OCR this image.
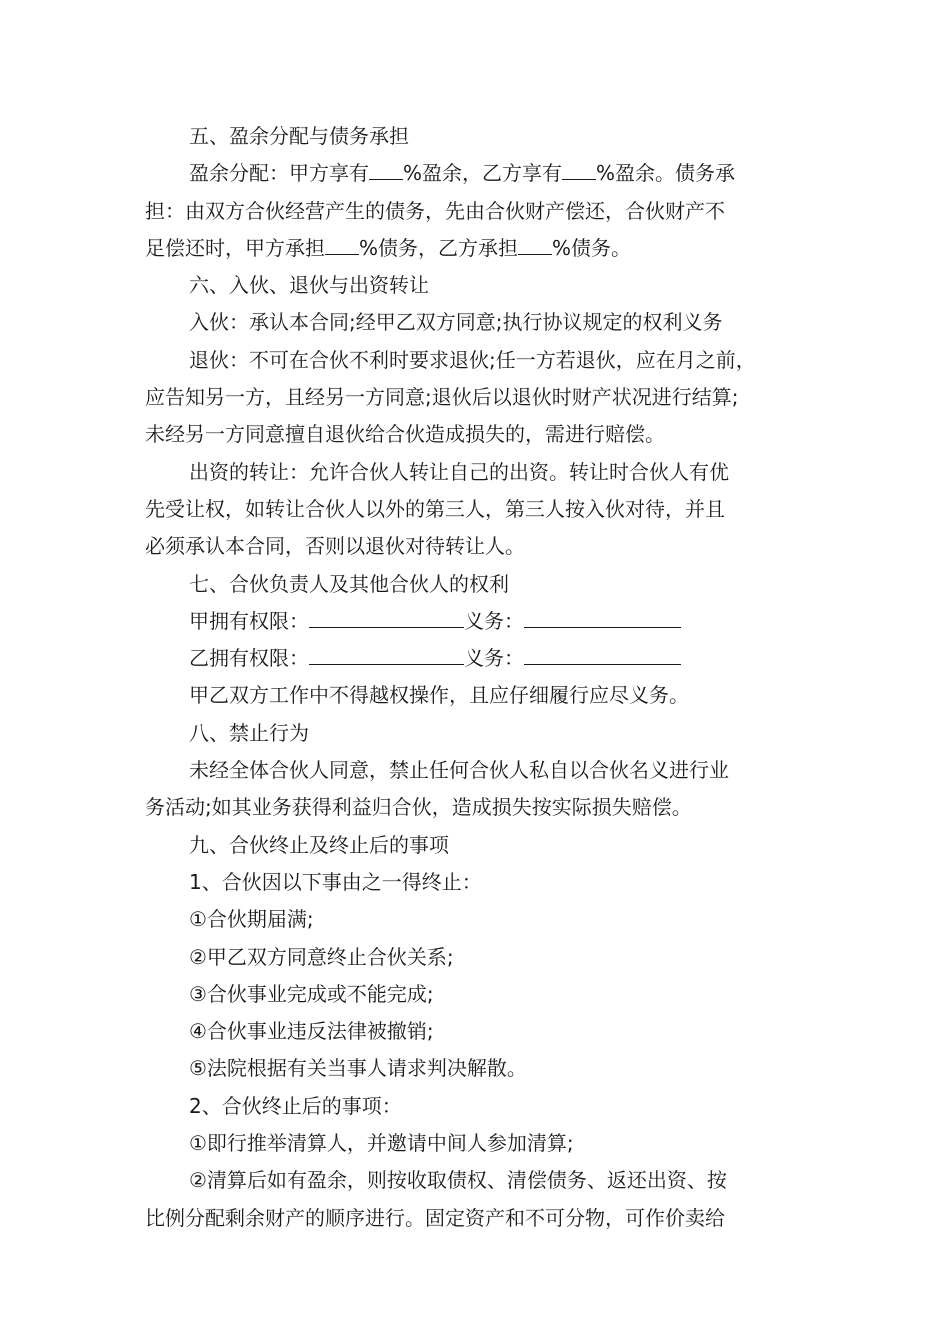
五、盈余分配与债务承担

盈余分配：甲方享有 %盈余，乙方享有 %盈余。债务承

担：由双方合伙经营产生的债务，先由合伙财产偿还，合伙财产不

足偿还时，甲方承担 %债务，乙方承担 %债务。

六、入伙、退伙与出资转让

入伙：承认本合同;经甲乙双方同意;执行协议规定的权利义务

退伙：不可在合伙不利时要求退伙;任一方若退伙，应在月之前，

应告知另一方，且经另一方同意;退伙后以退伙时财产状况进行结算;

未经另一方同意擅自退伙给合伙造成损失的，需进行赔偿。

出资的转让：允许合伙人转让自己的出资。转让时合伙人有优

先受让权，如转让合伙人以外的第三人，第三人按入伙对待，并且

必须承认本合同，否则以退伙对待转让人。

七、合伙负责人及其他合伙人的权利

甲拥有权限：	义务：

乙拥有权限：	义务：

甲乙双方工作中不得越权操作，且应仔细履行应尽义务。

八、禁止行为

未经全体合伙人同意，禁止任何合伙人私自以合伙名义进行业

务活动;如其业务获得利益归合伙，造成损失按实际损失赔偿。

九、合伙终止及终止后的事项

1、合伙因以下事由之一得终止：

①合伙期届满;

②甲乙双方同意终止合伙关系;

③合伙事业完成或不能完成;

④合伙事业违反法律被撤销;

⑤法院根据有关当事人请求判决解散。

2、合伙终止后的事项：

①即行推举清算人，并邀请中间人参加清算;

②清算后如有盈余，则按收取债权、清偿债务、返还出资、按

比例分配剩余财产的顺序进行。固定资产和不可分物，可作价卖给
